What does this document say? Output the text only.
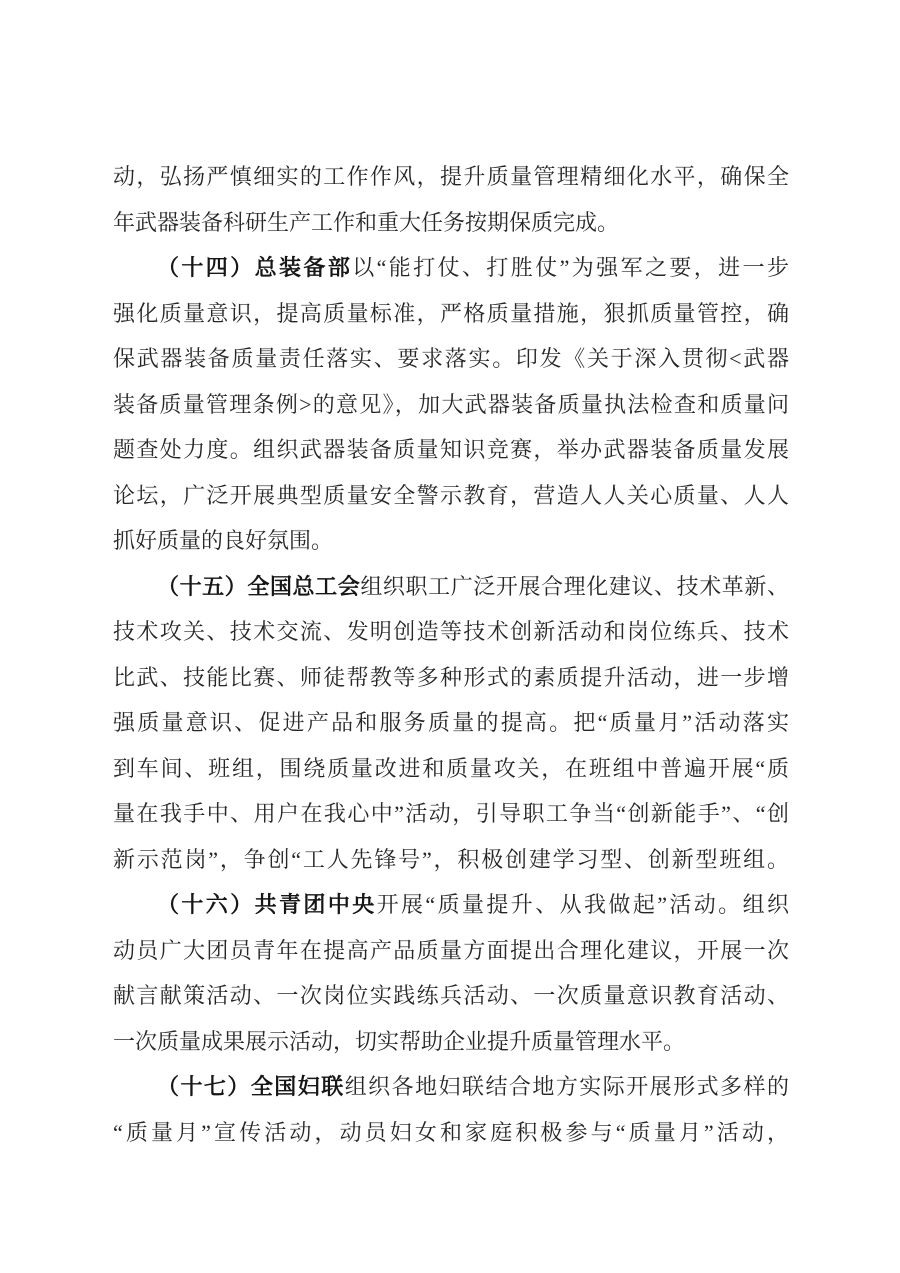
动，弘扬严慎细实的工作作风，提升质量管理精细化水平，确保全
年武器装备科研生产工作和重大任务按期保质完成。
（十四）总装备部以“能打仗、打胜仗”为强军之要，进一步
强化质量意识，提高质量标准，严格质量措施，狠抓质量管控，确
保武器装备质量责任落实、要求落实。印发《关于深入贯彻<武器
装备质量管理条例>的意见》，加大武器装备质量执法检查和质量问
题查处力度。组织武器装备质量知识竞赛，举办武器装备质量发展
论坛，广泛开展典型质量安全警示教育，营造人人关心质量、人人
抓好质量的良好氛围。
（十五）全国总工会组织职工广泛开展合理化建议、技术革新、
技术攻关、技术交流、发明创造等技术创新活动和岗位练兵、技术
比武、技能比赛、师徒帮教等多种形式的素质提升活动，进一步增
强质量意识、促进产品和服务质量的提高。把“质量月”活动落实
到车间、班组，围绕质量改进和质量攻关，在班组中普遍开展“质
量在我手中、用户在我心中”活动，引导职工争当“创新能手”、“创
新示范岗”，争创“工人先锋号”，积极创建学习型、创新型班组。
（十六）共青团中央开展“质量提升、从我做起”活动。组织
动员广大团员青年在提高产品质量方面提出合理化建议，开展一次
献言献策活动、一次岗位实践练兵活动、一次质量意识教育活动、
一次质量成果展示活动，切实帮助企业提升质量管理水平。
（十七）全国妇联组织各地妇联结合地方实际开展形式多样的
“质量月”宣传活动，动员妇女和家庭积极参与“质量月”活动，
